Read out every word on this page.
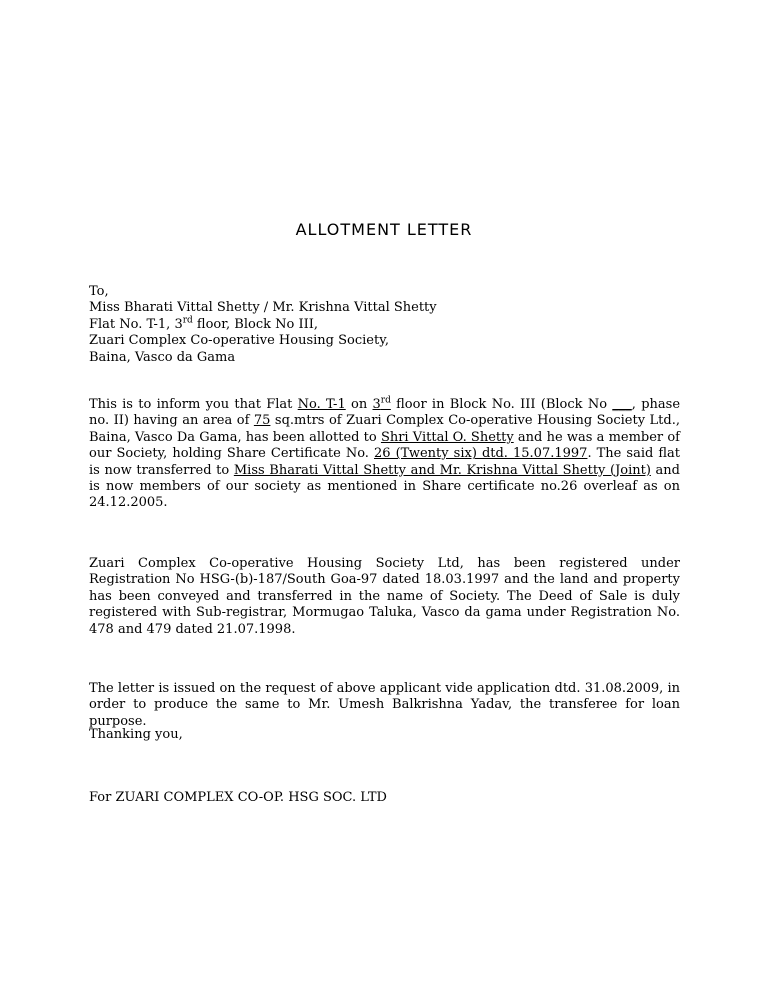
ALLOTMENT LETTER
To,
Miss Bharati Vittal Shetty / Mr. Krishna Vittal Shetty
Flat No. T-1, 3rd floor, Block No III,
Zuari Complex Co-operative Housing Society,
Baina, Vasco da Gama
This is to inform you that Flat No. T-1 on 3rd floor in Block No. III (Block No ___, phase no. II) having an area of 75 sq.mtrs of Zuari Complex Co-operative Housing Society Ltd., Baina, Vasco Da Gama, has been allotted to Shri Vittal O. Shetty and he was a member of our Society, holding Share Certificate No. 26 (Twenty six) dtd. 15.07.1997. The said flat is now transferred to Miss Bharati Vittal Shetty and Mr. Krishna Vittal Shetty (Joint) and is now members of our society as mentioned in Share certificate no.26 overleaf as on 24.12.2005.
Zuari Complex Co-operative Housing Society Ltd, has been registered under Registration No HSG-(b)-187/South Goa-97 dated 18.03.1997 and the land and property has been conveyed and transferred in the name of Society. The Deed of Sale is duly registered with Sub-registrar, Mormugao Taluka, Vasco da gama under Registration No. 478 and 479 dated 21.07.1998.
The letter is issued on the request of above applicant vide application dtd. 31.08.2009, in order to produce the same to Mr. Umesh Balkrishna Yadav, the transferee for loan purpose.
Thanking you,
For ZUARI COMPLEX CO-OP. HSG SOC. LTD
